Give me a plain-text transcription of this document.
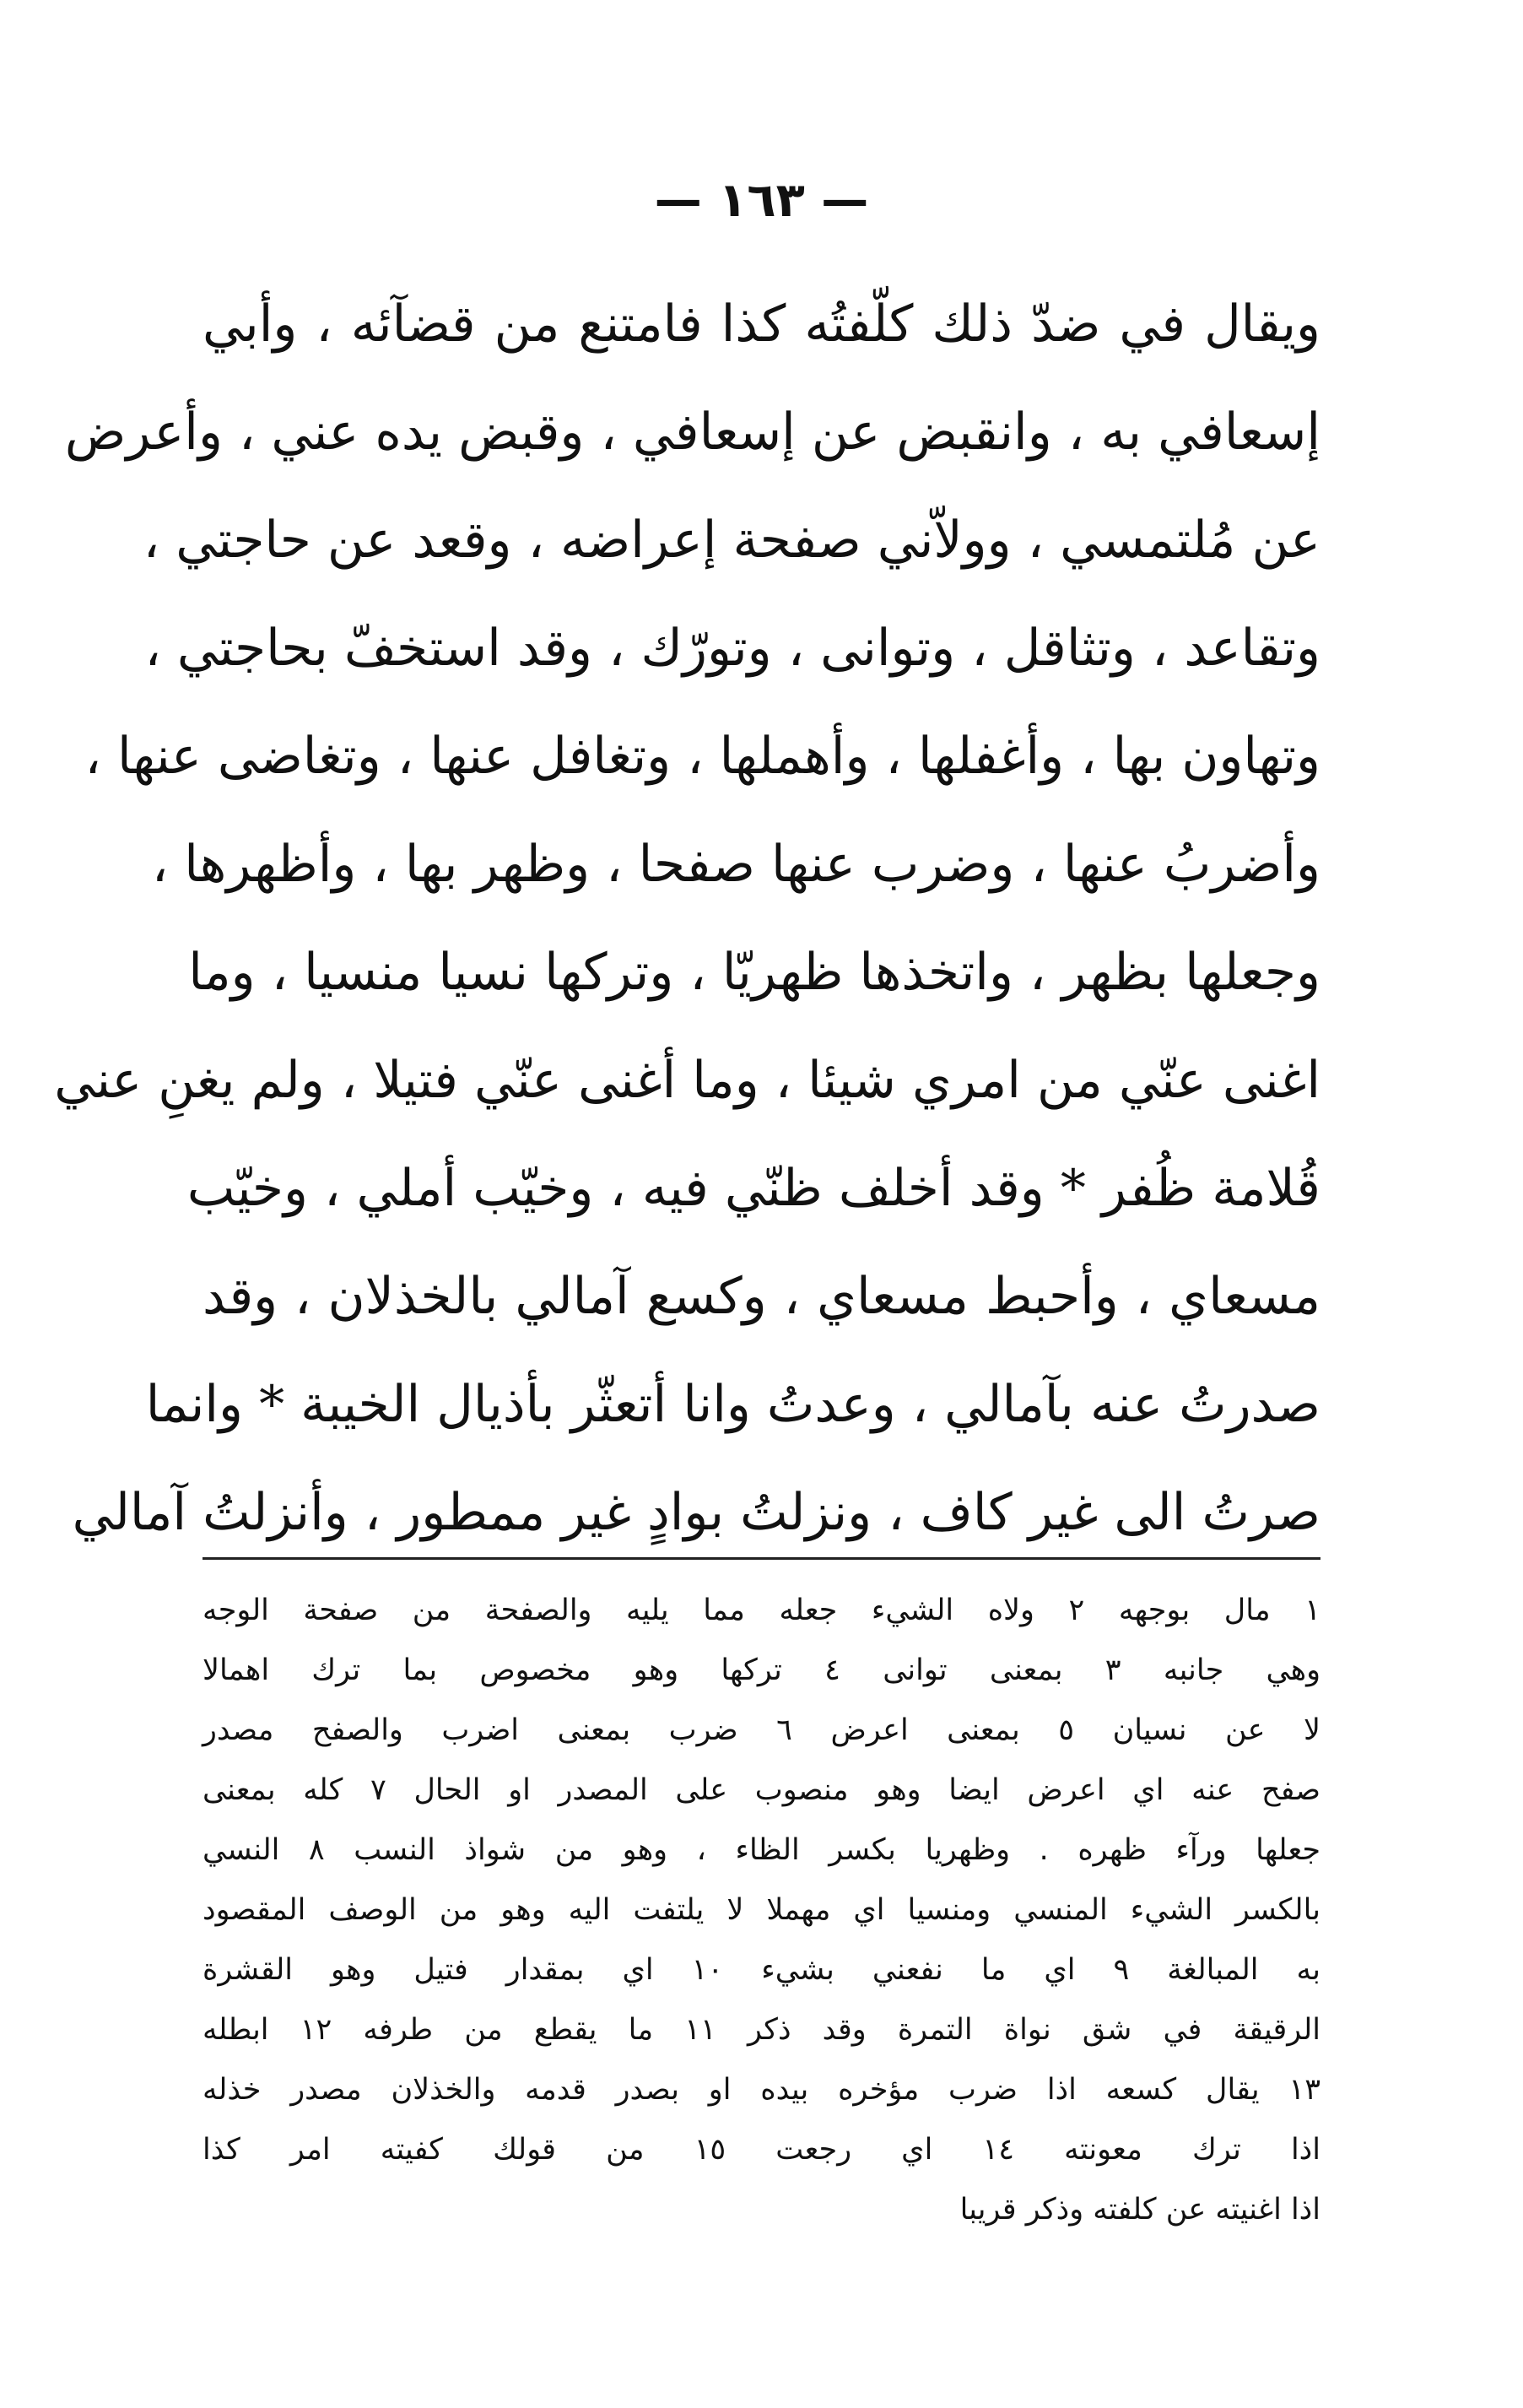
— ١٦٣ —
ويقال في ضدّ ذلك كلّفتُه كذا فامتنع من قضآئه ، وأبي
إسعافي به ، وانقبض عن إسعافي ، وقبض يده عني ، وأعرض
عن مُلتمسي ، وولاّني صفحة إعراضه ، وقعد عن حاجتي ،
وتقاعد ، وتثاقل ، وتوانى ، وتورّك ، وقد استخفّ بحاجتي ،
وتهاون بها ، وأغفلها ، وأهملها ، وتغافل عنها ، وتغاضى عنها ،
وأضربُ عنها ، وضرب عنها صفحا ، وظهر بها ، وأظهرها ،
وجعلها بظهر ، واتخذها ظهريّا ، وتركها نسيا منسيا ، وما
اغنى عنّي من امري شيئا ، وما أغنى عنّي فتيلا ، ولم يغنِ عني
قُلامة ظُفر * وقد أخلف ظنّي فيه ، وخيّب أملي ، وخيّب
مسعاي ، وأحبط مسعاي ، وكسع آمالي بالخذلان ، وقد
صدرتُ عنه بآمالي ، وعدتُ وانا أتعثّر بأذيال الخيبة * وانما
صرتُ الى غير كاف ، ونزلتُ بوادٍ غير ممطور ، وأنزلتُ آمالي
١ مال بوجهه ٢ ولاه الشيء جعله مما يليه والصفحة من صفحة الوجه
وهي جانبه ٣ بمعنى توانى ٤ تركها وهو مخصوص بما ترك اهمالا
لا عن نسيان ٥ بمعنى اعرض ٦ ضرب بمعنى اضرب والصفح مصدر
صفح عنه اي اعرض ايضا وهو منصوب على المصدر او الحال ٧ كله بمعنى
جعلها ورآء ظهره . وظهريا بكسر الظاء ، وهو من شواذ النسب ٨ النسي
بالكسر الشيء المنسي ومنسيا اي مهملا لا يلتفت اليه وهو من الوصف المقصود
به المبالغة ٩ اي ما نفعني بشيء ١٠ اي بمقدار فتيل وهو القشرة
الرقيقة في شق نواة التمرة وقد ذكر ١١ ما يقطع من طرفه ١٢ ابطله
١٣ يقال كسعه اذا ضرب مؤخره بيده او بصدر قدمه والخذلان مصدر خذله
اذا ترك معونته ١٤ اي رجعت ١٥ من قولك كفيته امر كذا
اذا اغنيته عن كلفته وذكر قريبا
